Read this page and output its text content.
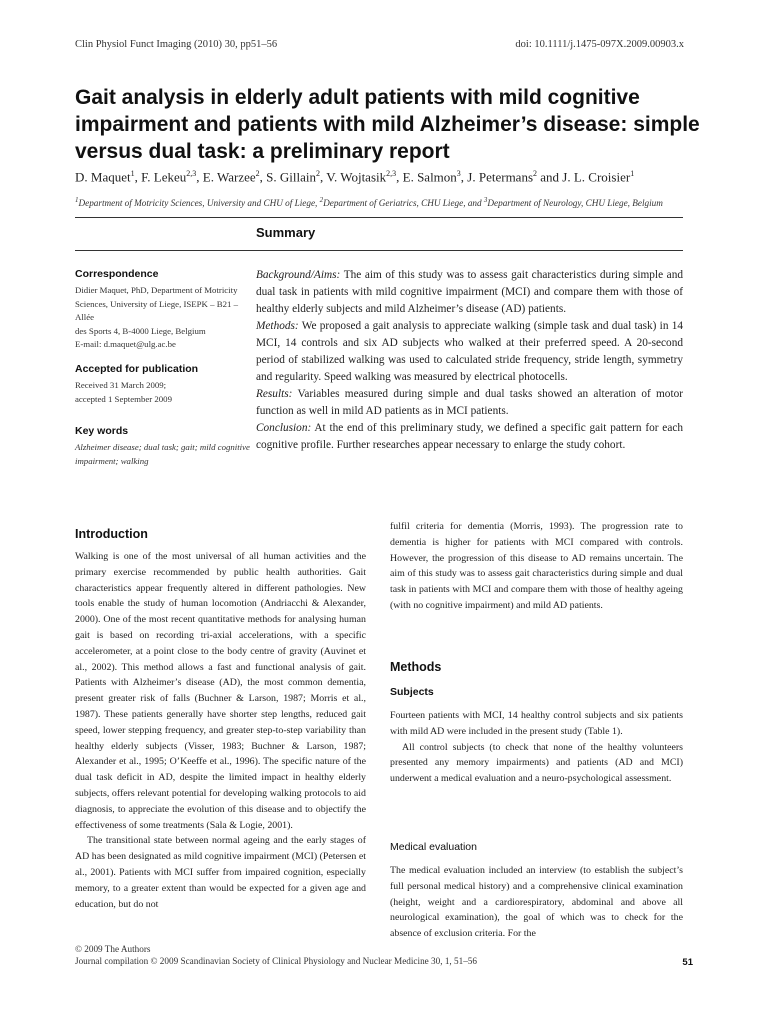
Clin Physiol Funct Imaging (2010) 30, pp51–56	doi: 10.1111/j.1475-097X.2009.00903.x
Gait analysis in elderly adult patients with mild cognitive impairment and patients with mild Alzheimer’s disease: simple versus dual task: a preliminary report
D. Maquet$^1$, F. Lekeu$^{2,3}$, E. Warzee$^2$, S. Gillain$^2$, V. Wojtasik$^{2,3}$, E. Salmon$^3$, J. Petermans$^2$ and J. L. Croisier$^1$
$^1$Department of Motricity Sciences, University and CHU of Liege, $^2$Department of Geriatrics, CHU Liege, and $^3$Department of Neurology, CHU Liege, Belgium
Summary
Correspondence
Didier Maquet, PhD, Department of Motricity
Sciences, University of Liege, ISEPK – B21 – Allée
des Sports 4, B-4000 Liege, Belgium
E-mail: d.maquet@ulg.ac.be
Accepted for publication
Received 31 March 2009;
accepted 1 September 2009
Key words
Alzheimer disease; dual task; gait; mild cognitive
impairment; walking

Background/Aims: The aim of this study was to assess gait characteristics during simple and dual task in patients with mild cognitive impairment (MCI) and compare them with those of healthy elderly subjects and mild Alzheimer’s disease (AD) patients.

Methods: We proposed a gait analysis to appreciate walking (simple task and dual task) in 14 MCI, 14 controls and six AD subjects who walked at their preferred speed. A 20-second period of stabilized walking was used to calculated stride frequency, stride length, symmetry and regularity. Speed walking was measured by electrical photocells.

Results: Variables measured during simple and dual tasks showed an alteration of motor function as well in mild AD patients as in MCI patients.

Conclusion: At the end of this preliminary study, we defined a specific gait pattern for each cognitive profile. Further researches appear necessary to enlarge the study cohort.

Introduction

Walking is one of the most universal of all human activities and the primary exercise recommended by public health authorities. Gait characteristics appear frequently altered in different pathologies. New tools enable the study of human locomotion (Andriacchi & Alexander, 2000). One of the most recent quantitative methods for analysing human gait is based on recording tri-axial accelerations, with a specific accelerometer, at a point close to the body centre of gravity (Auvinet et al., 2002). This method allows a fast and functional analysis of gait. Patients with Alzheimer’s disease (AD), the most common dementia, present greater risk of falls (Buchner & Larson, 1987; Morris et al., 1987). These patients generally have shorter step lengths, reduced gait speed, lower stepping frequency, and greater step-to-step variability than healthy elderly subjects (Visser, 1983; Buchner & Larson, 1987; Alexander et al., 1995; O’Keeffe et al., 1996). The specific nature of the dual task deficit in AD, despite the limited impact in healthy elderly subjects, offers relevant potential for developing walking protocols to aid diagnosis, to appreciate the evolution of this disease and to objectify the effectiveness of some treatments (Sala & Logie, 2001).

The transitional state between normal ageing and the early stages of AD has been designated as mild cognitive impairment (MCI) (Petersen et al., 2001). Patients with MCI suffer from impaired cognition, especially memory, to a greater extent than would be expected for a given age and education, but do not

fulfil criteria for dementia (Morris, 1993). The progression rate to dementia is higher for patients with MCI compared with controls. However, the progression of this disease to AD remains uncertain. The aim of this study was to assess gait characteristics during simple and dual task in patients with MCI and compare them with those of healthy ageing (with no cognitive impairment) and mild AD patients.

Methods
Subjects

Fourteen patients with MCI, 14 healthy control subjects and six patients with mild AD were included in the present study (Table 1).

All control subjects (to check that none of the healthy volunteers presented any memory impairments) and patients (AD and MCI) underwent a medical evaluation and a neuro-psychological assessment.

Medical evaluation

The medical evaluation included an interview (to establish the subject’s full personal medical history) and a comprehensive clinical examination (height, weight and a cardiorespiratory, abdominal and above all neurological examination), the goal of which was to check for the absence of exclusion criteria. For the

© 2009 The Authors
Journal compilation © 2009 Scandinavian Society of Clinical Physiology and Nuclear Medicine 30, 1, 51–56	51
